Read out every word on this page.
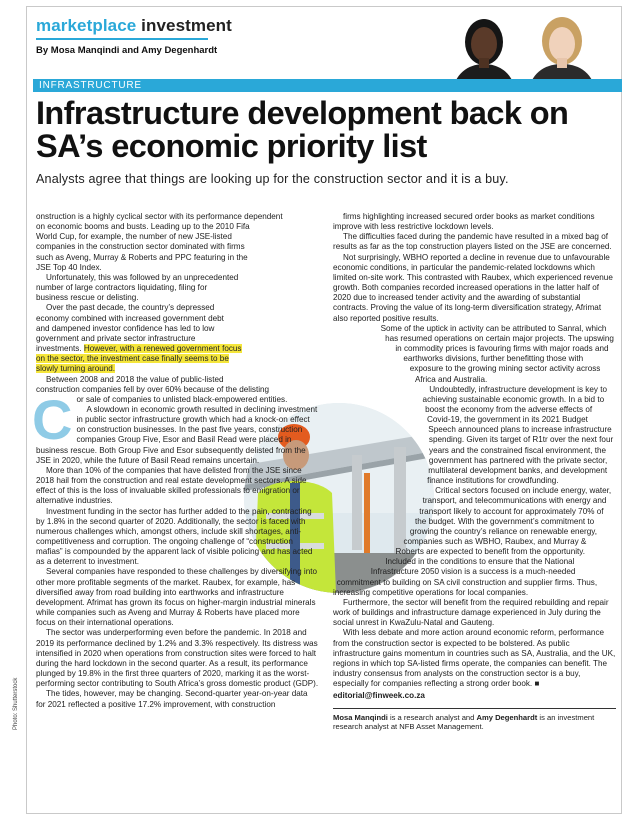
marketplace investment
By Mosa Manqindi and Amy Degenhardt
INFRASTRUCTURE
Infrastructure development back on SA’s economic priority list
Analysts agree that things are looking up for the construction sector and it is a buy.

C
onstruction is a highly cyclical sector with its performance dependent on economic booms and busts. Leading up to the 2010 Fifa World Cup, for example, the number of new JSE-listed companies in the construction sector dominated with firms such as Aveng, Murray & Roberts and PPC featuring in the JSE Top 40 Index.

Unfortunately, this was followed by an unprecedented number of large contractors liquidating, filing for business rescue or delisting.

Over the past decade, the country’s depressed economy combined with increased government debt and dampened investor confidence has led to low government and private sector infrastructure investments. However, with a renewed government focus on the sector, the investment case finally seems to be slowly turning around.

Between 2008 and 2018 the value of public-listed construction companies fell by over 60% because of the delisting or sale of companies to unlisted black-empowered entities.

A slowdown in economic growth resulted in declining investment in public sector infrastructure growth which had a knock-on effect on construction businesses. In the past five years, construction companies Group Five, Esor and Basil Read were placed in business rescue. Both Group Five and Esor subsequently delisted from the JSE in 2020, while the future of Basil Read remains uncertain.

More than 10% of the companies that have delisted from the JSE since 2018 hail from the construction and real estate development sectors. A side effect of this is the loss of invaluable skilled professionals to emigration or alternative industries.

Investment funding in the sector has further added to the pain, contracting by 1.8% in the second quarter of 2020. Additionally, the sector is faced with numerous challenges which, amongst others, include skill shortages, anti-competitiveness and corruption. The ongoing challenge of “construction mafias” is compounded by the apparent lack of visible policing and has acted as a deterrent to investment.

Several companies have responded to these challenges by diversifying into other more profitable segments of the market. Raubex, for example, has diversified away from road building into earthworks and infrastructure development. Afrimat has grown its focus on higher-margin industrial minerals while companies such as Aveng and Murray & Roberts have placed more focus on their international operations.

The sector was underperforming even before the pandemic. In 2018 and 2019 its performance declined by 1.2% and 3.3% respectively. Its distress was intensified in 2020 when operations from construction sites were forced to halt during the hard lockdown in the second quarter. As a result, its performance plunged by 19.8% in the first three quarters of 2020, marking it as the worst-performing sector contributing to South Africa’s gross domestic product (GDP).

The tides, however, may be changing. Second-quarter year-on-year data for 2021 reflected a positive 17.2% improvement, with construction

firms highlighting increased secured order books as market conditions improve with less restrictive lockdown levels.

The difficulties faced during the pandemic have resulted in a mixed bag of results as far as the top construction players listed on the JSE are concerned.

Not surprisingly, WBHO reported a decline in revenue due to unfavourable economic conditions, in particular the pandemic-related lockdowns which limited on-site work. This contrasted with Raubex, which experienced revenue growth. Both companies recorded increased operations in the latter half of 2020 due to increased tender activity and the awarding of substantial contracts. Proving the value of its long-term diversification strategy, Afrimat also reported positive results.

Some of the uptick in activity can be attributed to Sanral, which has resumed operations on certain major projects. The upswing in commodity prices is favouring firms with major roads and earthworks divisions, further benefitting those with exposure to the growing mining sector activity across Africa and Australia.

Undoubtedly, infrastructure development is key to achieving sustainable economic growth. In a bid to boost the economy from the adverse effects of Covid-19, the government in its 2021 Budget Speech announced plans to increase infrastructure spending. Given its target of R1tr over the next four years and the constrained fiscal environment, the government has partnered with the private sector, multilateral development banks, and development finance institutions for crowdfunding.

Critical sectors focused on include energy, water, transport, and telecommunications with energy and transport likely to account for approximately 70% of the budget. With the government’s commitment to growing the country’s reliance on renewable energy, companies such as WBHO, Raubex, and Murray & Roberts are expected to benefit from the opportunity. Included in the conditions to ensure that the National Infrastructure 2050 vision is a success is a much-needed commitment to building on SA civil construction and supplier firms. Thus, increasing competitive operations for local companies.

Furthermore, the sector will benefit from the required rebuilding and repair work of buildings and infrastructure damage experienced in July during the social unrest in KwaZulu-Natal and Gauteng.

With less debate and more action around economic reform, performance from the construction sector is expected to be bolstered. As public infrastructure gains momentum in countries such as SA, Australia, and the UK, regions in which top SA-listed firms operate, the companies can benefit. The industry consensus from analysts on the construction sector is a buy, especially for companies reflecting a strong order book. ■

editorial@finweek.co.za

Mosa Manqindi is a research analyst and Amy Degenhardt is an investment research analyst at NFB Asset Management.

Photo: Shutterstock
